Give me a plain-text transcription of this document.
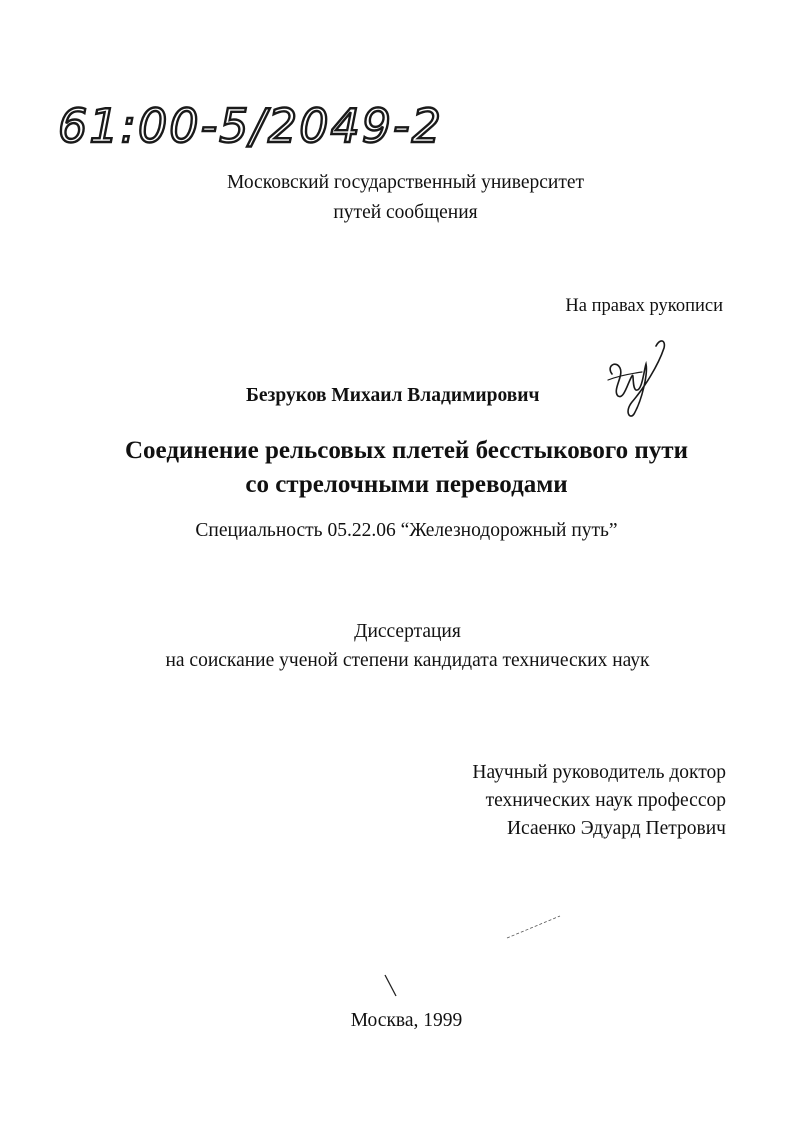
61:00-5/2049-2
Московский государственный университет
путей сообщения
На правах рукописи
Безруков Михаил Владимирович
Соединение рельсовых плетей бесстыкового пути
со стрелочными переводами
Специальность 05.22.06 “Железнодорожный путь”
Диссертация
на соискание ученой степени кандидата технических наук
Научный руководитель доктор
технических наук профессор
Исаенко Эдуард Петрович
Москва, 1999
